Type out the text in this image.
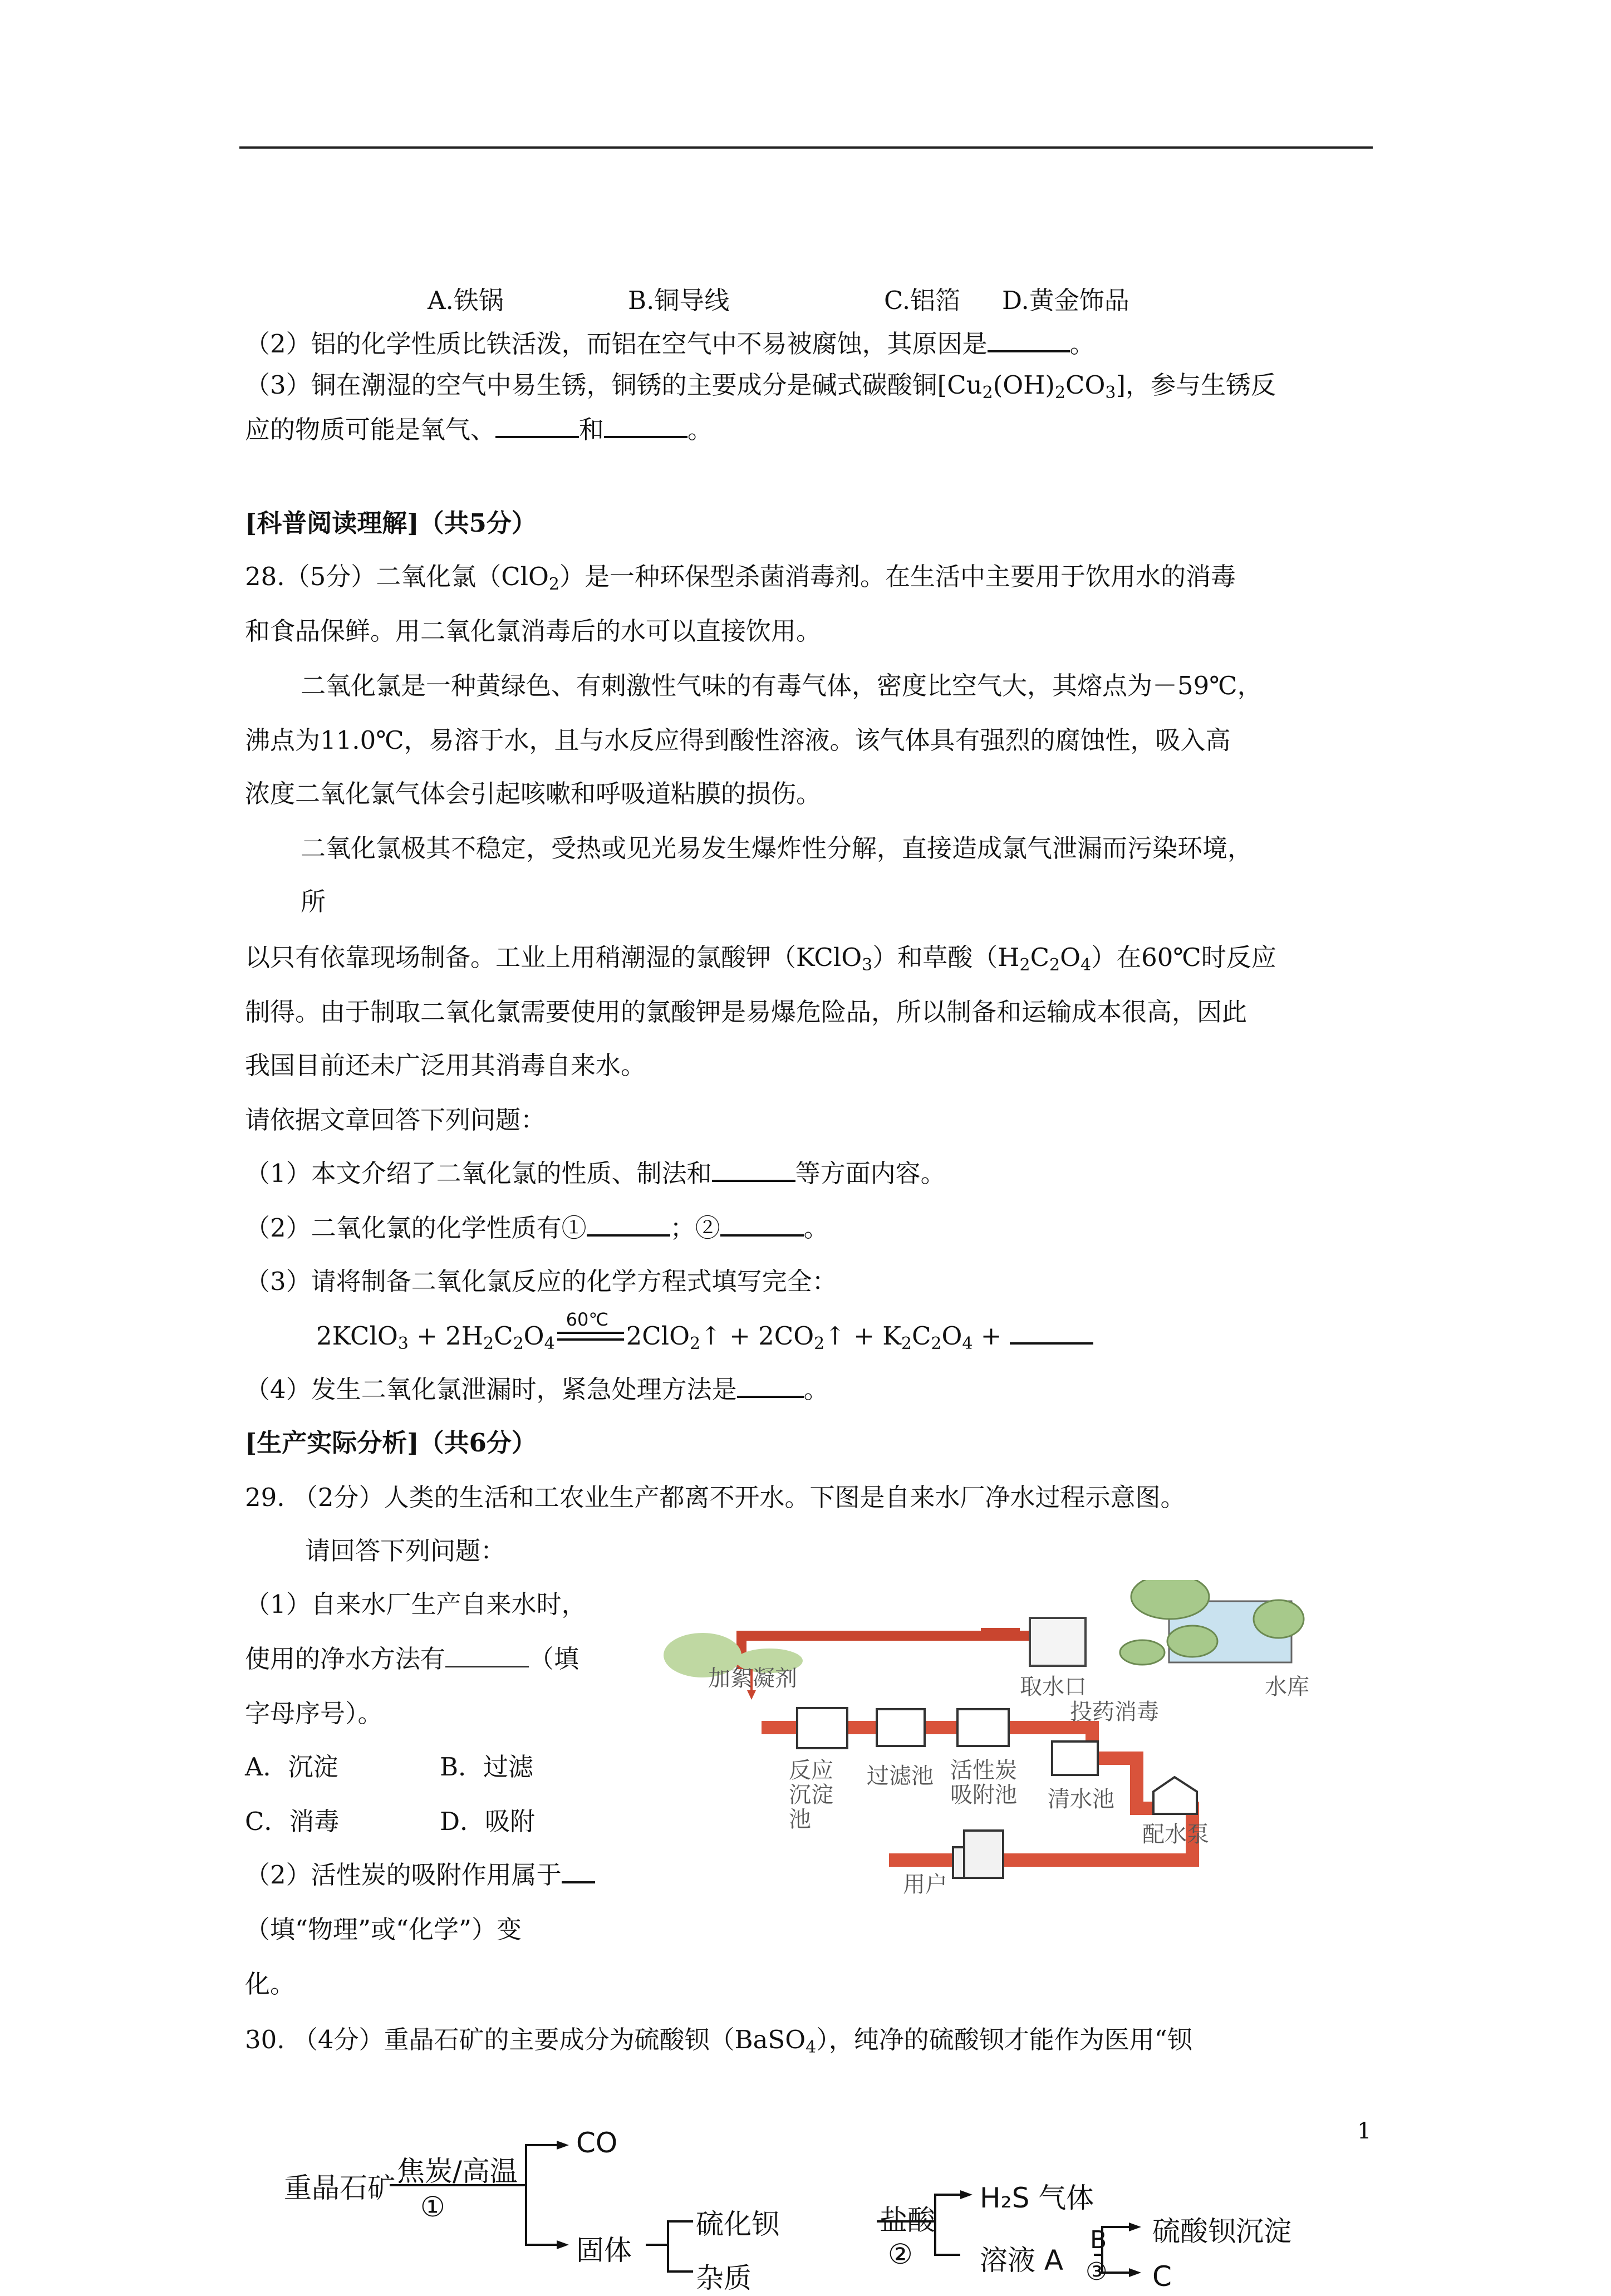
A.铁锅	B.铜导线	C.铝箔 D.黄金饰品
（2）铝的化学性质比铁活泼，而铝在空气中不易被腐蚀，其原因是	。
（3）铜在潮湿的空气中易生锈，铜锈的主要成分是碱式碳酸铜$[Cu_2(OH)_2CO_3]$，参与生锈反
应的物质可能是氧气、	和	。
[科普阅读理解]（共5分）
28.（5分）二氧化氯（ClO$_2$）是一种环保型杀菌消毒剂。在生活中主要用于饮用水的消毒
和食品保鲜。用二氧化氯消毒后的水可以直接饮用。
二氧化氯是一种黄绿色、有刺激性气味的有毒气体，密度比空气大，其熔点为－59℃，
沸点为11.0℃，易溶于水，且与水反应得到酸性溶液。该气体具有强烈的腐蚀性，吸入高
浓度二氧化氯气体会引起咳嗽和呼吸道粘膜的损伤。
二氧化氯极其不稳定，受热或见光易发生爆炸性分解，直接造成氯气泄漏而污染环境，
所
以只有依靠现场制备。工业上用稍潮湿的氯酸钾（KClO$_3$）和草酸$(H_2C_2O_4)$在60℃时反应
制得。由于制取二氧化氯需要使用的氯酸钾是易爆危险品，所以制备和运输成本很高，因此
我国目前还未广泛用其消毒自来水。
请依据文章回答下列问题：
（1）本文介绍了二氧化氯的性质、制法和	等方面内容。
（2）二氧化氯的化学性质有①	；②	。
（3）请将制备二氧化氯反应的化学方程式填写完全：
2KClO$_3$ + $2H_2C_2O_4$
60℃
2ClO$_2$↑ + $2CO_2↑ + K_2C_2O_4$ +
（4）发生二氧化氯泄漏时，紧急处理方法是	。
[生产实际分析]（共6分）
29. （2分）人类的生活和工农业生产都离不开水。下图是自来水厂净水过程示意图。
请回答下列问题：
（1）自来水厂生产自来水时，
使用的净水方法有	（填
字母序号）。
A．沉淀	B．过滤
C．消毒	D．吸附
（2）活性炭的吸附作用属于
（填“物理”或“化学”）变
化。
加絮凝剂	取水口	水库
投药消毒
反应沉淀池
过滤池 活性炭吸附池 清水池
配水泵
用户
30. （4分）重晶石矿的主要成分为硫酸钡（BaSO$_4$），纯净的硫酸钡才能作为医用“钡
1
重晶石矿
焦炭/高温
①
CO
固体
硫化钡
杂质
盐酸
②
H₂S 气体
溶液 A
B
③
硫酸钡沉淀
C
